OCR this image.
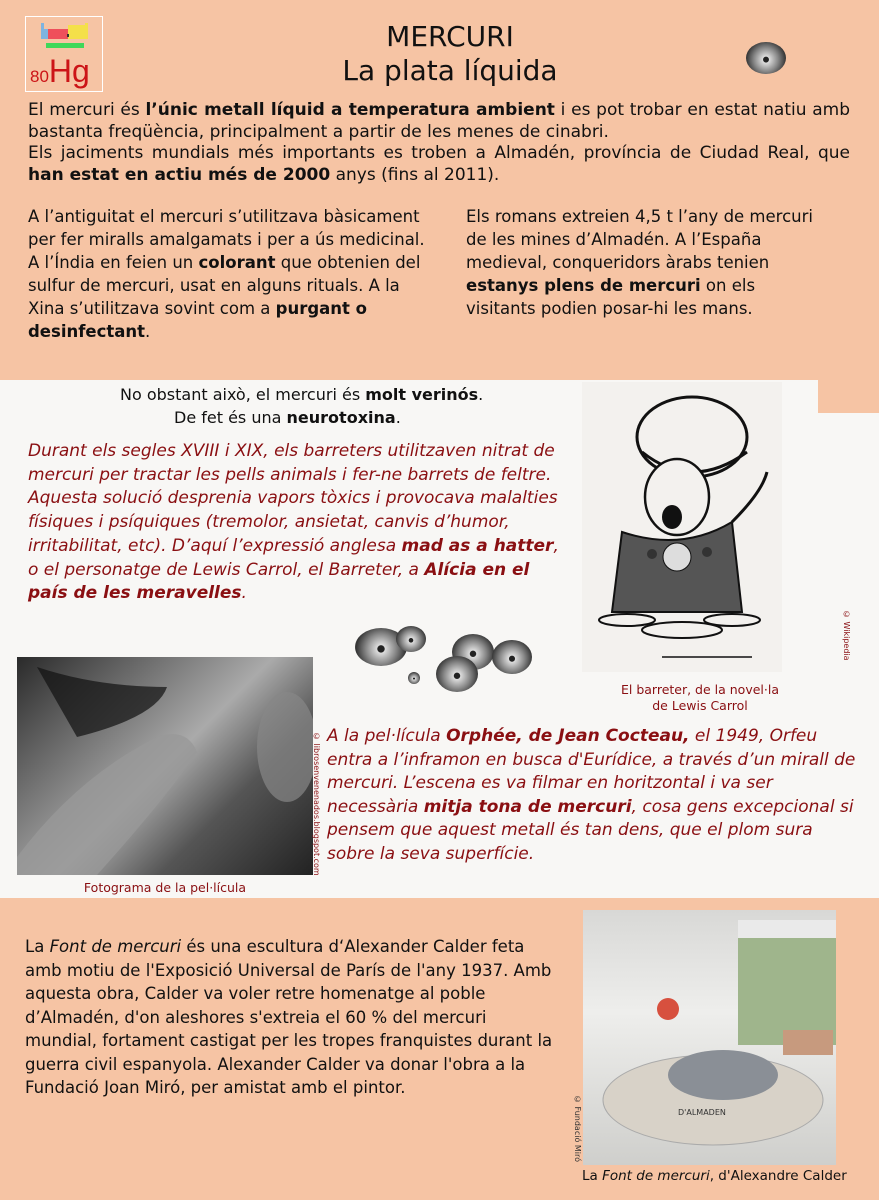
80Hg
MERCURI
La plata líquida
El mercuri és l’únic metall líquid a temperatura ambient i es pot trobar en estat natiu amb bastanta freqüència, principalment a partir de les menes de cinabri.
Els jaciments mundials més importants es troben a Almadén, província de Ciudad Real, que han estat en actiu més de 2000 anys (fins al 2011).
A l’antiguitat el mercuri s’utilitzava bàsicament per fer miralls amalgamats i per a ús medicinal. A l’Índia en feien un colorant que obtenien del sulfur de mercuri, usat en alguns rituals. A la Xina s’utilitzava sovint com a purgant o desinfectant.
Els romans extreien 4,5 t l’any de mercuri de les mines d’Almadén. A l’España medieval, conqueridors àrabs tenien estanys plens de mercuri on els visitants podien posar-hi les mans.
No obstant això, el mercuri és molt verinós.
De fet és una neurotoxina.
Durant els segles XVIII i XIX, els barreters utilitzaven nitrat de mercuri per tractar les pells animals i fer-ne barrets de feltre. Aquesta solució desprenia vapors tòxics i provocava malalties físiques i psíquiques (tremolor, ansietat, canvis d’humor, irritabilitat, etc). D’aquí l’expressió anglesa mad as a hatter, o el personatge de Lewis Carrol, el Barreter, a Alícia en el país de les meravelles.
© Wikipedia
El barreter, de la novel·la
de Lewis Carrol
© librosenvenenados.blogspot.com
Fotograma de la pel·lícula
A la pel·lícula Orphée, de Jean Cocteau, el 1949, Orfeu entra a l’inframon en busca d'Eurídice, a través d’un mirall de mercuri. L’escena es va filmar en horitzontal i va ser necessària mitja tona de mercuri, cosa gens excepcional si pensem que aquest metall és tan dens, que el plom sura sobre la seva superfície.
La Font de mercuri és una escultura d‘Alexander Calder feta amb motiu de l'Exposició Universal de París de l'any 1937. Amb aquesta obra, Calder va voler retre homenatge al poble d’Almadén, d'on aleshores s'extreia el 60 % del mercuri mundial, fortament castigat per les tropes franquistes durant la guerra civil espanyola. Alexander Calder va donar l'obra a la Fundació Joan Miró, per amistat amb el pintor.
D'ALMADEN
© Fundació Miró
La Font de mercuri, d'Alexandre Calder
